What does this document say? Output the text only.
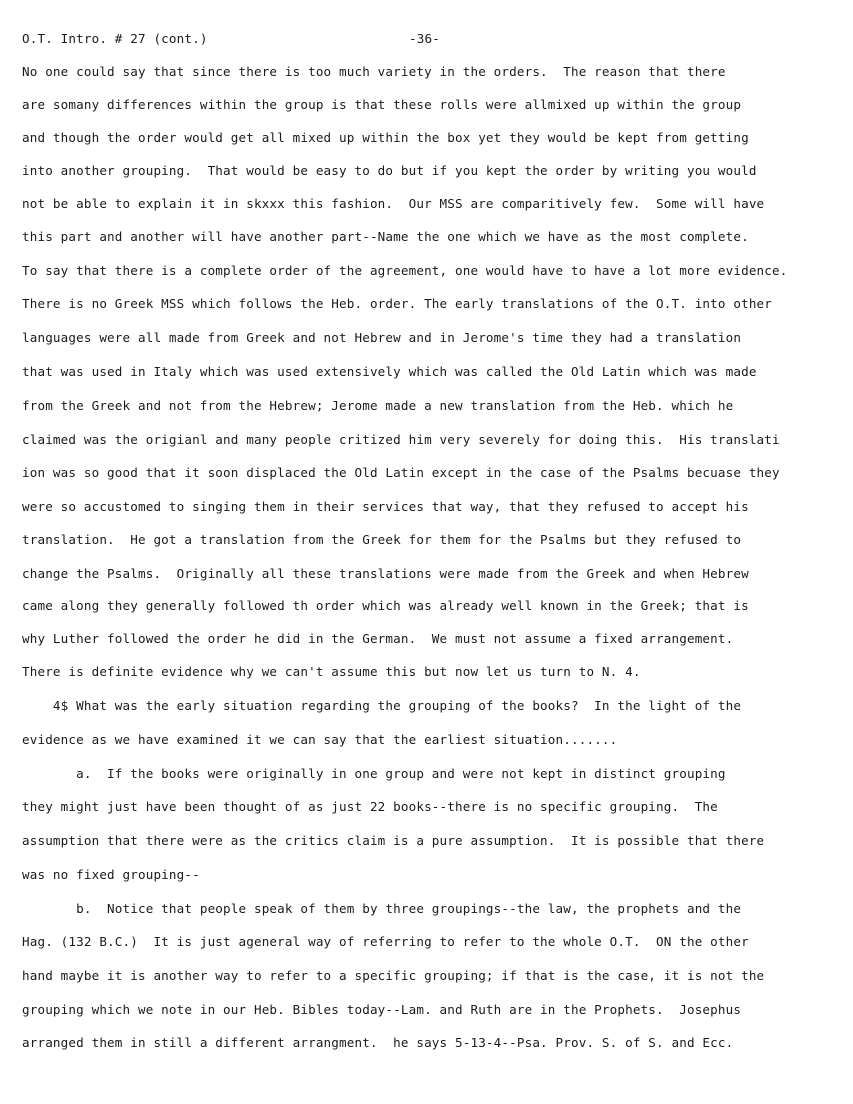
O.T. Intro. # 27 (cont.)	-36-
No one could say that since there is too much variety in the orders.  The reason that there
are somany differences within the group is that these rolls were allmixed up within the group
and though the order would get all mixed up within the box yet they would be kept from getting
into another grouping.  That would be easy to do but if you kept the order by writing you would
not be able to explain it in skxxx this fashion.  Our MSS are comparitively few.  Some will have
this part and another will have another part--Name the one which we have as the most complete.
To say that there is a complete order of the agreement, one would have to have a lot more evidence.
There is no Greek MSS which follows the Heb. order. The early translations of the O.T. into other
languages were all made from Greek and not Hebrew and in Jerome's time they had a translation
that was used in Italy which was used extensively which was called the Old Latin which was made
from the Greek and not from the Hebrew; Jerome made a new translation from the Heb. which he
claimed was the origianl and many people critized him very severely for doing this.  His translati
ion was so good that it soon displaced the Old Latin except in the case of the Psalms becuase they
were so accustomed to singing them in their services that way, that they refused to accept his
translation.  He got a translation from the Greek for them for the Psalms but they refused to
change the Psalms.  Originally all these translations were made from the Greek and when Hebrew
came along they generally followed th order which was already well known in the Greek; that is
why Luther followed the order he did in the German.  We must not assume a fixed arrangement.
There is definite evidence why we can't assume this but now let us turn to N. 4.
4$ What was the early situation regarding the grouping of the books?  In the light of the
evidence as we have examined it we can say that the earliest situation.......
a.  If the books were originally in one group and were not kept in distinct grouping
they might just have been thought of as just 22 books--there is no specific grouping.  The
assumption that there were as the critics claim is a pure assumption.  It is possible that there
was no fixed grouping--
b.  Notice that people speak of them by three groupings--the law, the prophets and the
Hag. (132 B.C.)  It is just ageneral way of referring to refer to the whole O.T.  ON the other
hand maybe it is another way to refer to a specific grouping; if that is the case, it is not the
grouping which we note in our Heb. Bibles today--Lam. and Ruth are in the Prophets.  Josephus
arranged them in still a different arrangment.  he says 5-13-4--Psa. Prov. S. of S. and Ecc.
